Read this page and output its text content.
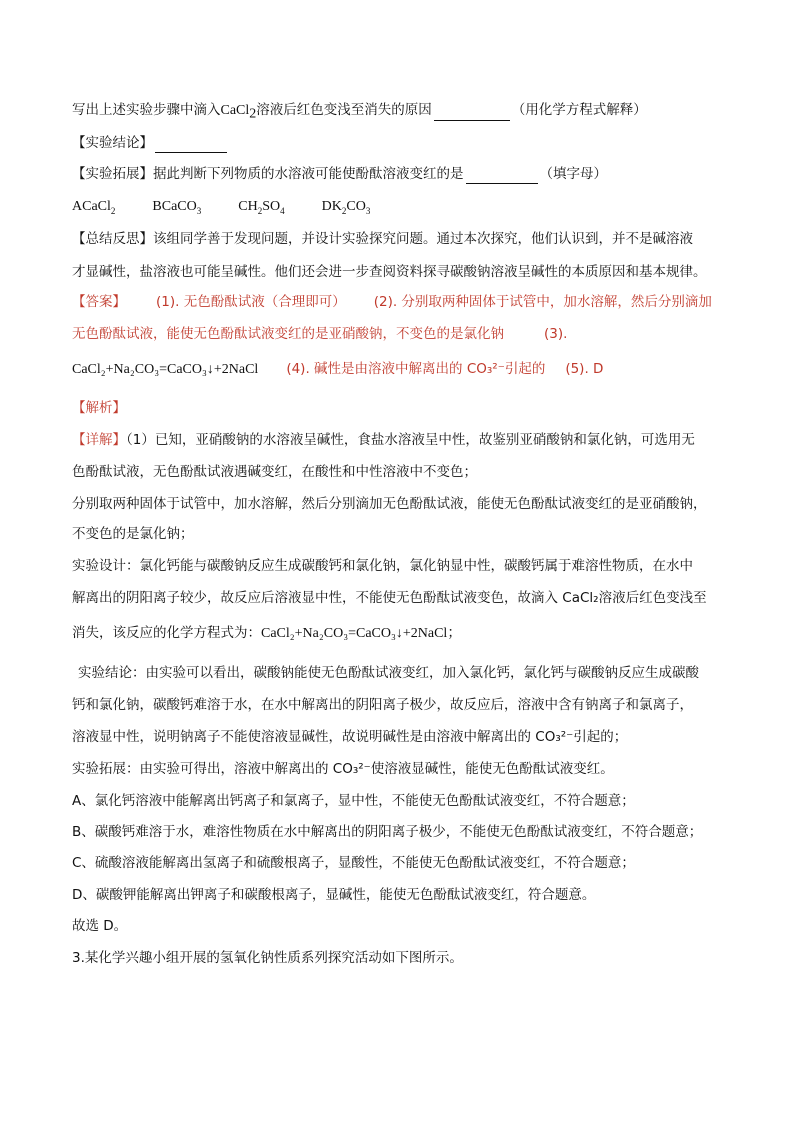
写出上述实验步骤中滴入CaCl$_2$溶液后红色变浅至消失的原因	（用化学方程式解释）
【实验结论】
【实验拓展】据此判断下列物质的水溶液可能使酚酞溶液变红的是	（填字母）
ACaCl$_2$	BCaCO$_3$	$CH_2SO_4$	$DK_2CO_3$
【总结反思】该组同学善于发现问题，并设计实验探究问题。通过本次探究，他们认识到，并不是碱溶液
才显碱性，盐溶液也可能呈碱性。他们还会进一步查阅资料探寻碳酸钠溶液呈碱性的本质原因和基本规律。
【答案】 (1). 无色酚酞试液（合理即可） (2). 分别取两种固体于试管中，加水溶解，然后分别滴加
无色酚酞试液，能使无色酚酞试液变红的是亚硝酸钠，不变色的是氯化钠	(3).
CaCl₂+Na₂CO₃=CaCO₃↓+2NaCl (4). 碱性是由溶液中解离出的 CO₃²⁻引起的 (5). D
【解析】
【详解】（1）已知，亚硝酸钠的水溶液呈碱性，食盐水溶液呈中性，故鉴别亚硝酸钠和氯化钠，可选用无
色酚酞试液，无色酚酞试液遇碱变红，在酸性和中性溶液中不变色；
分别取两种固体于试管中，加水溶解，然后分别滴加无色酚酞试液，能使无色酚酞试液变红的是亚硝酸钠，
不变色的是氯化钠；
实验设计：氯化钙能与碳酸钠反应生成碳酸钙和氯化钠，氯化钠显中性，碳酸钙属于难溶性物质，在水中
解离出的阴阳离子较少，故反应后溶液显中性，不能使无色酚酞试液变色，故滴入 CaCl₂溶液后红色变浅至
消失，该反应的化学方程式为：CaCl₂+Na₂CO₃=CaCO₃↓+2NaCl；
实验结论：由实验可以看出，碳酸钠能使无色酚酞试液变红，加入氯化钙，氯化钙与碳酸钠反应生成碳酸
钙和氯化钠，碳酸钙难溶于水，在水中解离出的阴阳离子极少，故反应后，溶液中含有钠离子和氯离子，
溶液显中性，说明钠离子不能使溶液显碱性，故说明碱性是由溶液中解离出的 CO₃²⁻引起的；
实验拓展：由实验可得出，溶液中解离出的 CO₃²⁻使溶液显碱性，能使无色酚酞试液变红。
A、氯化钙溶液中能解离出钙离子和氯离子，显中性，不能使无色酚酞试液变红，不符合题意；
B、碳酸钙难溶于水，难溶性物质在水中解离出的阴阳离子极少，不能使无色酚酞试液变红，不符合题意；
C、硫酸溶液能解离出氢离子和硫酸根离子，显酸性，不能使无色酚酞试液变红，不符合题意；
D、碳酸钾能解离出钾离子和碳酸根离子，显碱性，能使无色酚酞试液变红，符合题意。
故选 D。
3.某化学兴趣小组开展的氢氧化钠性质系列探究活动如下图所示。
